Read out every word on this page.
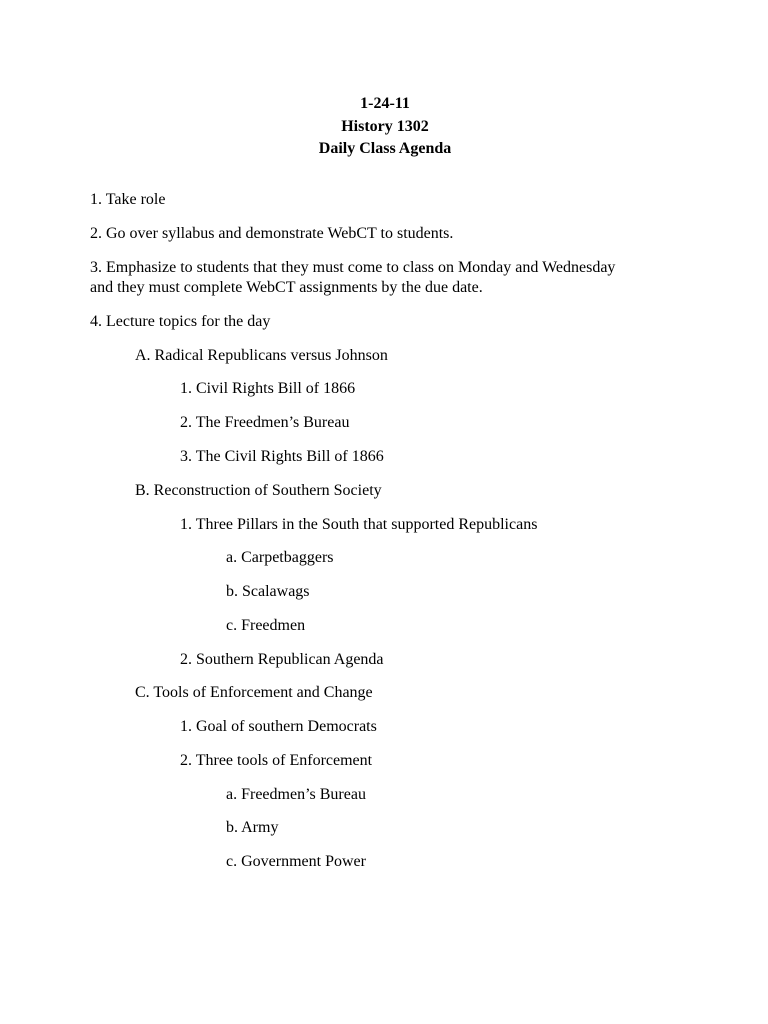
1-24-11
History 1302
Daily Class Agenda
1. Take role
2. Go over syllabus and demonstrate WebCT to students.
3. Emphasize to students that they must come to class on Monday and Wednesday
and they must complete WebCT assignments by the due date.
4. Lecture topics for the day
A. Radical Republicans versus Johnson
1. Civil Rights Bill of 1866
2. The Freedmen’s Bureau
3. The Civil Rights Bill of 1866
B. Reconstruction of Southern Society
1. Three Pillars in the South that supported Republicans
a. Carpetbaggers
b. Scalawags
c. Freedmen
2. Southern Republican Agenda
C. Tools of Enforcement and Change
1. Goal of southern Democrats
2. Three tools of Enforcement
a. Freedmen’s Bureau
b. Army
c. Government Power
